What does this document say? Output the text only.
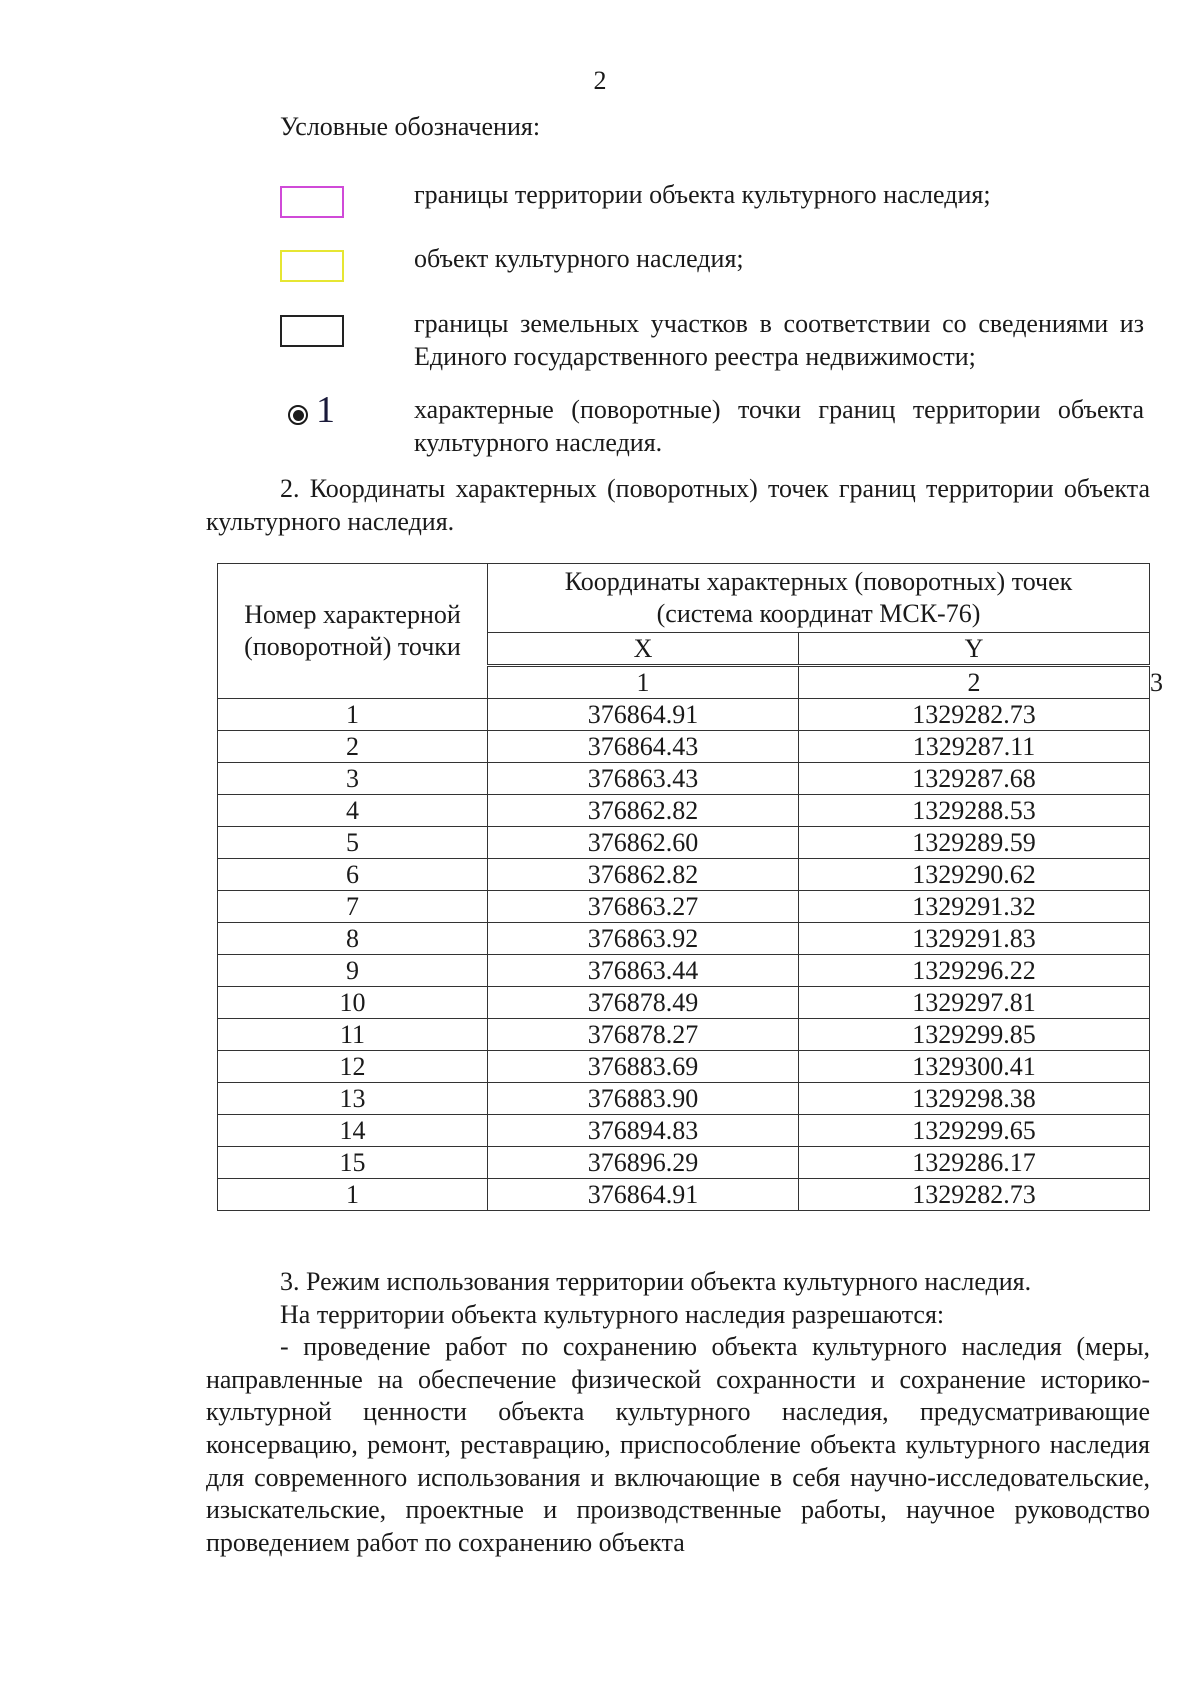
2
Условные обозначения:
границы территории объекта культурного наследия;
объект культурного наследия;
границы земельных участков в соответствии со сведениями из Единого государственного реестра недвижимости;
1	характерные (поворотные) точки границ территории объекта культурного наследия.
2. Координаты характерных (поворотных) точек границ территории объекта культурного наследия.
Номер характерной (поворотной) точки	Координаты характерных (поворотных) точек (система координат МСК-76)		
	X	Y	
	1	2	3
1	376864.91	1329282.73	
2	376864.43	1329287.11	
3	376863.43	1329287.68	
4	376862.82	1329288.53	
5	376862.60	1329289.59	
6	376862.82	1329290.62	
7	376863.27	1329291.32	
8	376863.92	1329291.83	
9	376863.44	1329296.22	
10	376878.49	1329297.81	
11	376878.27	1329299.85	
12	376883.69	1329300.41	
13	376883.90	1329298.38	
14	376894.83	1329299.65	
15	376896.29	1329286.17	
1	376864.91	1329282.73	

3. Режим использования территории объекта культурного наследия.

На территории объекта культурного наследия разрешаются:

- проведение работ по сохранению объекта культурного наследия (меры, направленные на обеспечение физической сохранности и сохранение историко-культурной ценности объекта культурного наследия, предусматривающие консервацию, ремонт, реставрацию, приспособление объекта культурного наследия для современного использования и включающие в себя научно-исследовательские, изыскательские, проектные и производственные работы, научное руководство проведением работ по сохранению объекта
